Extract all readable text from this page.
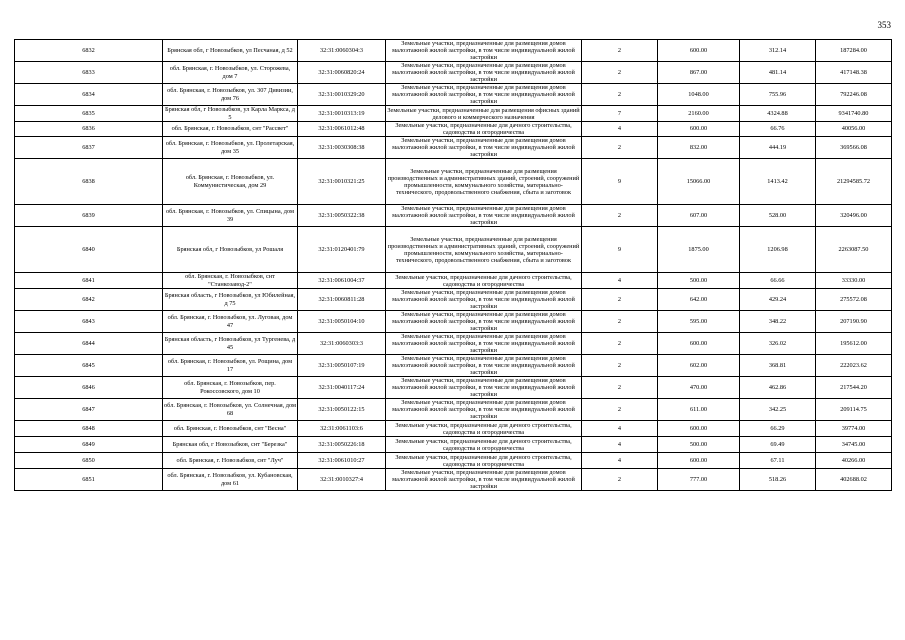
353
6832	Брянская обл, г Новозыбков, ул Песчаная, д 52	32:31:0060304:3	Земельные участки, предназначенные для размещения домов малоэтажной жилой застройки, в том числе индивидуальной жилой застройки	2	600.00	312.14	187284.00
6833	обл. Брянская, г. Новозыбков, ул. Сторожева, дом 7	32:31:0060820:24	Земельные участки, предназначенные для размещения домов малоэтажной жилой застройки, в том числе индивидуальной жилой застройки	2	867.00	481.14	417148.38
6834	обл. Брянская, г. Новозыбков, ул. 307 Дивизии, дом 76	32:31:0010329:20	Земельные участки, предназначенные для размещения домов малоэтажной жилой застройки, в том числе индивидуальной жилой застройки	2	1048.00	755.96	792246.08
6835	Брянская обл, г Новозыбков, ул Карла Маркса, д 5	32:31:0010313:19	Земельные участки, предназначенные для размещения офисных зданий делового и коммерческого назначения	7	2160.00	4324.88	9341740.80
6836	обл. Брянская, г. Новозыбков, снт "Рассвет"	32:31:0061012:48	Земельные участки, предназначенные для дачного строительства, садоводства и огородничества	4	600.00	66.76	40056.00
6837	обл. Брянская, г. Новозыбков, ул. Пролетарская, дом 35	32:31:0030308:38	Земельные участки, предназначенные для размещения домов малоэтажной жилой застройки, в том числе индивидуальной жилой застройки	2	832.00	444.19	369566.08
6838	обл. Брянская, г. Новозыбков, ул. Коммунистическая, дом 29	32:31:0010321:25	Земельные участки, предназначенные для размещения производственных и административных зданий, строений, сооружений промышленности, коммунального хозяйства, материально-технического, продовольственного снабжения, сбыта и заготовок	9	15066.00	1413.42	21294585.72
6839	обл. Брянская, г. Новозыбков, ул. Спицына, дом 39	32:31:0050322:38	Земельные участки, предназначенные для размещения домов малоэтажной жилой застройки, в том числе индивидуальной жилой застройки	2	607.00	528.00	320496.00
6840	Брянская обл, г Новозыбков, ул Рошаля	32:31:0120401:79	Земельные участки, предназначенные для размещения производственных и административных зданий, строений, сооружений промышленности, коммунального хозяйства, материально-технического, продовольственного снабжения, сбыта и заготовок	9	1875.00	1206.98	2263087.50
6841	обл. Брянская, г. Новозыбков, снт "Станкозавод-2"	32:31:0061004:37	Земельные участки, предназначенные для дачного строительства, садоводства и огородничества	4	500.00	66.66	33330.00
6842	Брянская область, г Новозыбков, ул Юбилейная, д 75	32:31:0060811:28	Земельные участки, предназначенные для размещения домов малоэтажной жилой застройки, в том числе индивидуальной жилой застройки	2	642.00	429.24	275572.08
6843	обл. Брянская, г. Новозыбков, ул. Луговая, дом 47	32:31:0050104:10	Земельные участки, предназначенные для размещения домов малоэтажной жилой застройки, в том числе индивидуальной жилой застройки	2	595.00	348.22	207190.90
6844	Брянская область, г Новозыбков, ул Тургенева, д 45	32:31:0060303:3	Земельные участки, предназначенные для размещения домов малоэтажной жилой застройки, в том числе индивидуальной жилой застройки	2	600.00	326.02	195612.00
6845	обл. Брянская, г. Новозыбков, ул. Рощина, дом 17	32:31:0050107:19	Земельные участки, предназначенные для размещения домов малоэтажной жилой застройки, в том числе индивидуальной жилой застройки	2	602.00	368.81	222023.62
6846	обл. Брянская, г. Новозыбков, пер. Рокоссовского, дом 10	32:31:0040117:24	Земельные участки, предназначенные для размещения домов малоэтажной жилой застройки, в том числе индивидуальной жилой застройки	2	470.00	462.86	217544.20
6847	обл. Брянская, г. Новозыбков, ул. Солнечная, дом 68	32:31:0050122:15	Земельные участки, предназначенные для размещения домов малоэтажной жилой застройки, в том числе индивидуальной жилой застройки	2	611.00	342.25	209114.75
6848	обл. Брянская, г. Новозыбков, снт "Весна"	32:31:0061103:6	Земельные участки, предназначенные для дачного строительства, садоводства и огородничества	4	600.00	66.29	39774.00
6849	Брянская обл, г Новозыбков, снт "Березка"	32:31:0050226:18	Земельные участки, предназначенные для дачного строительства, садоводства и огородничества	4	500.00	69.49	34745.00
6850	обл. Брянская, г. Новозыбков, снт "Луч"	32:31:0061010:27	Земельные участки, предназначенные для дачного строительства, садоводства и огородничества	4	600.00	67.11	40266.00
6851	обл. Брянская, г. Новозыбков, ул. Кубановская, дом 61	32:31:0010327:4	Земельные участки, предназначенные для размещения домов малоэтажной жилой застройки, в том числе индивидуальной жилой застройки	2	777.00	518.26	402688.02
